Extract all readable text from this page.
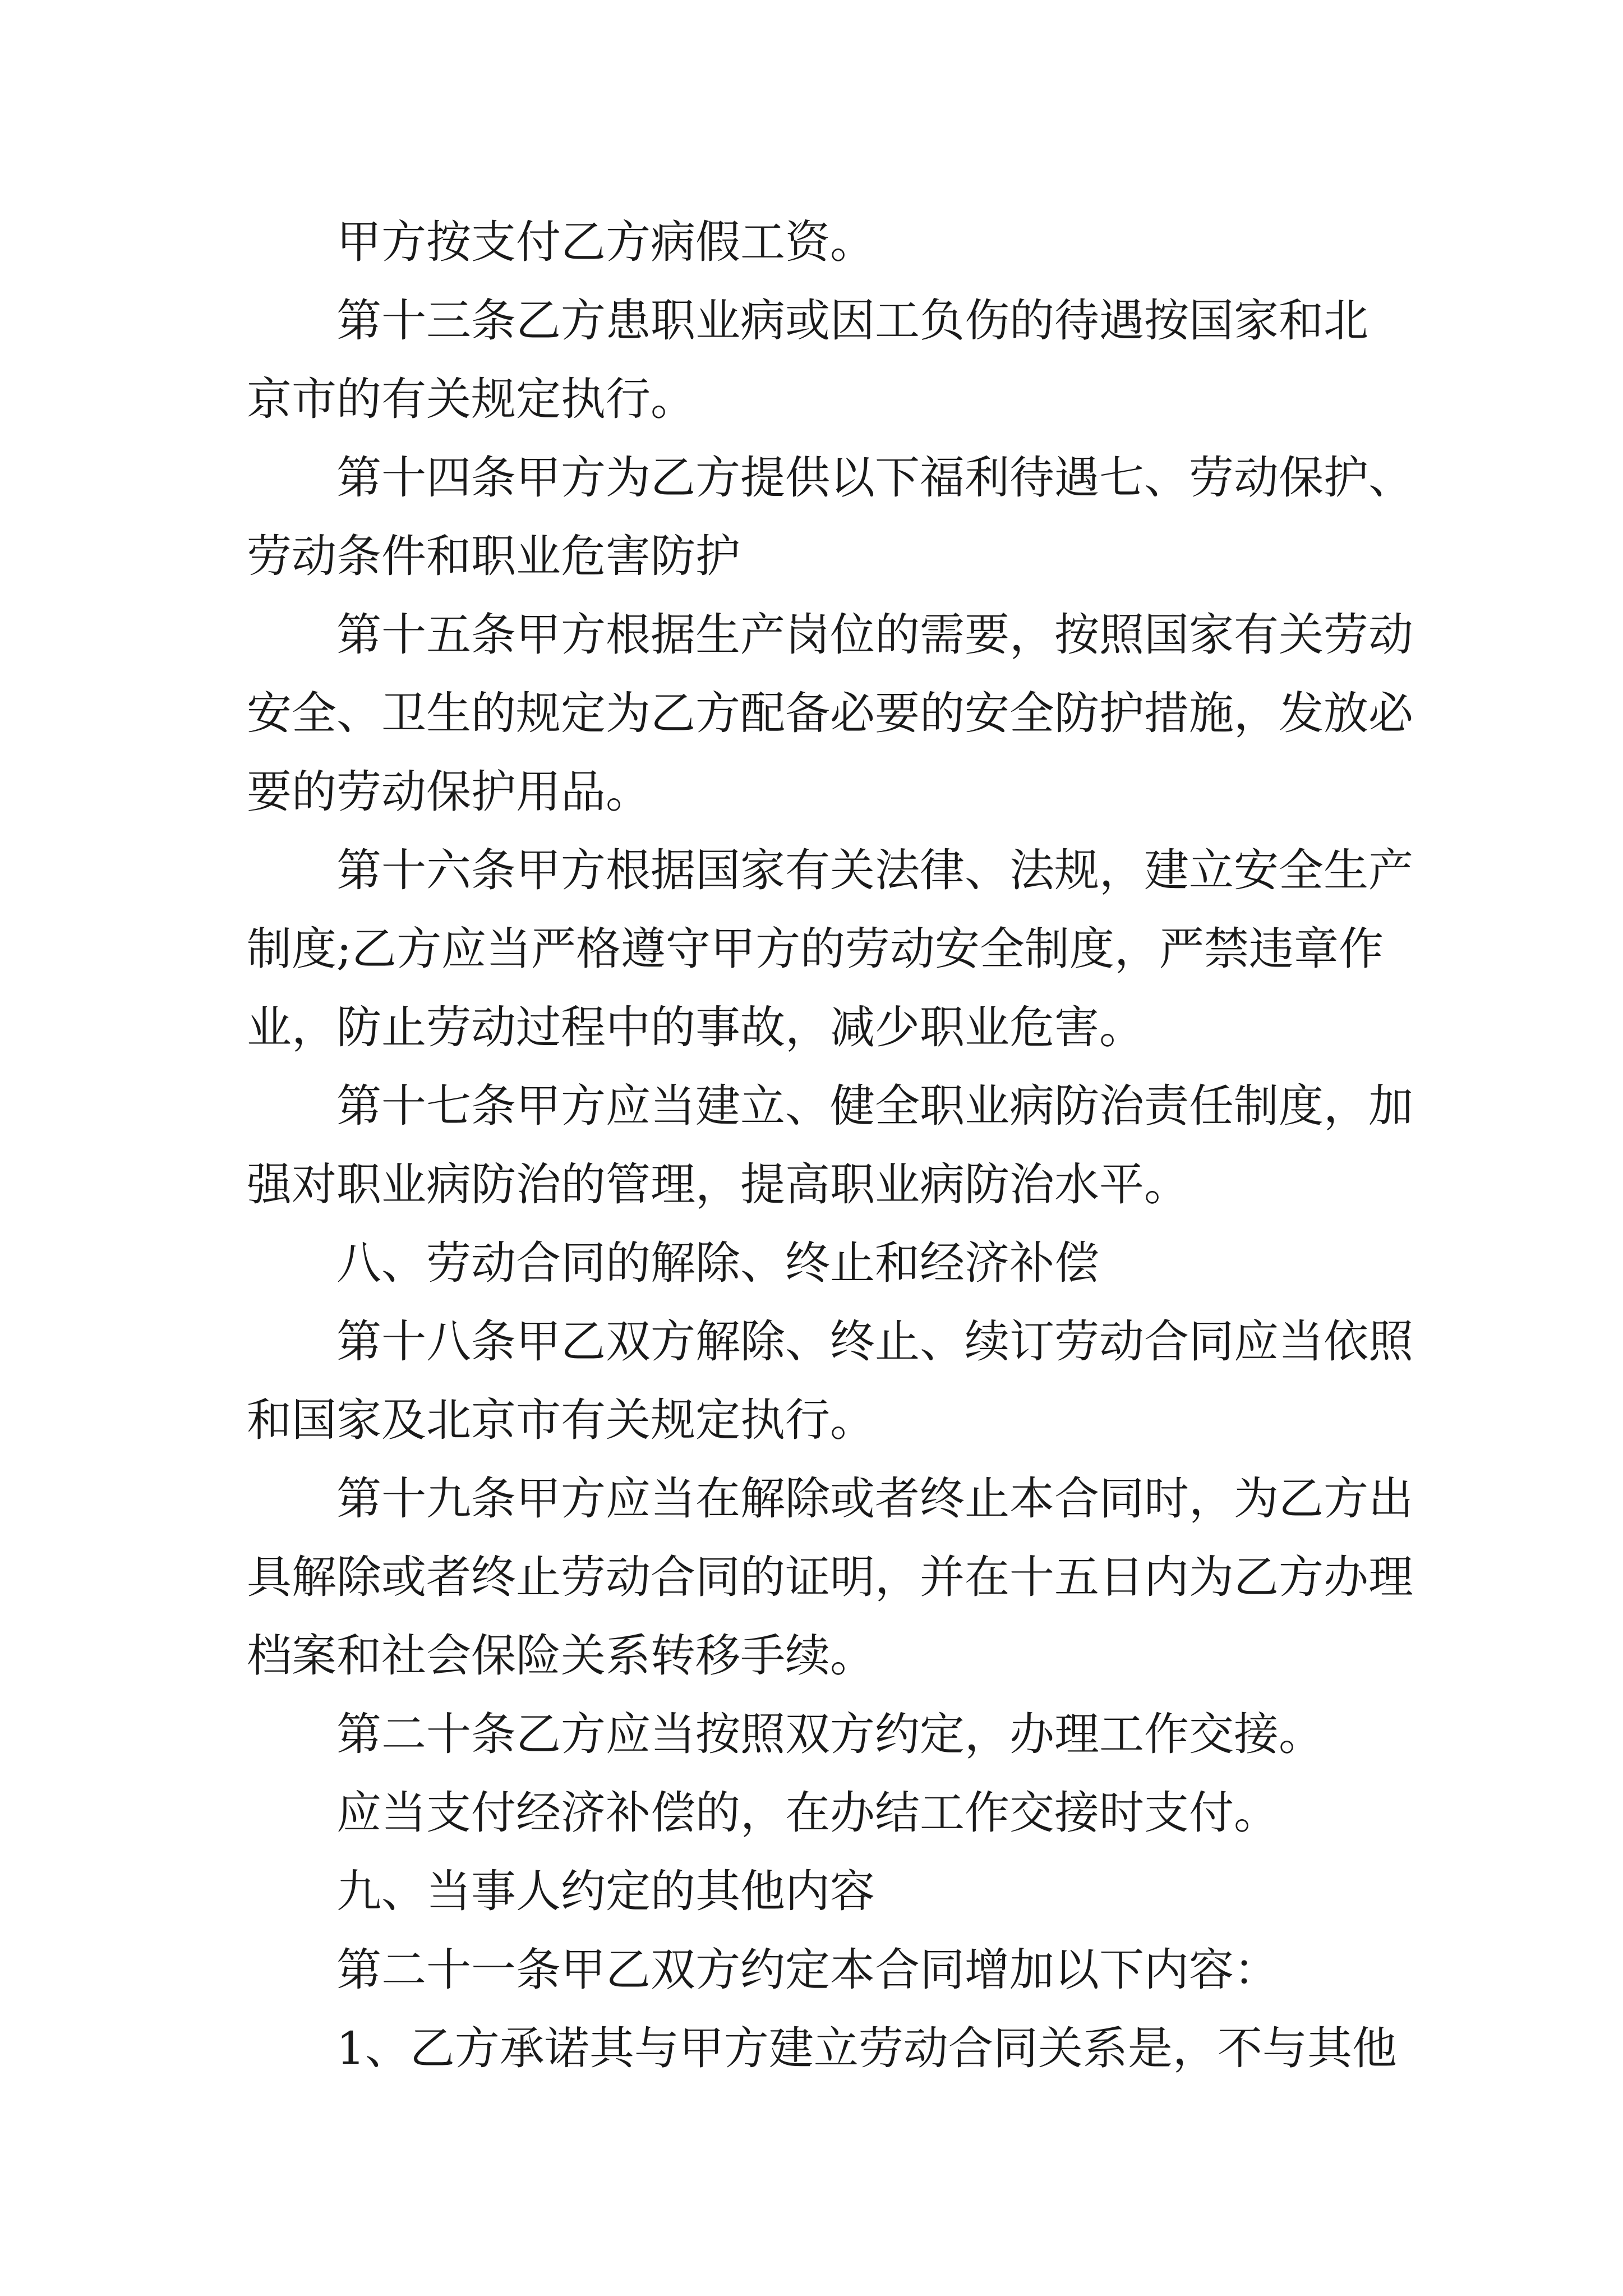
甲方按支付乙方病假工资。

第十三条乙方患职业病或因工负伤的待遇按国家和北

京市的有关规定执行。

第十四条甲方为乙方提供以下福利待遇七、劳动保护、

劳动条件和职业危害防护

第十五条甲方根据生产岗位的需要，按照国家有关劳动

安全、卫生的规定为乙方配备必要的安全防护措施，发放必

要的劳动保护用品。

第十六条甲方根据国家有关法律、法规，建立安全生产

制度;乙方应当严格遵守甲方的劳动安全制度，严禁违章作

业，防止劳动过程中的事故，减少职业危害。

第十七条甲方应当建立、健全职业病防治责任制度，加

强对职业病防治的管理，提高职业病防治水平。

八、劳动合同的解除、终止和经济补偿

第十八条甲乙双方解除、终止、续订劳动合同应当依照

和国家及北京市有关规定执行。

第十九条甲方应当在解除或者终止本合同时，为乙方出

具解除或者终止劳动合同的证明，并在十五日内为乙方办理

档案和社会保险关系转移手续。

第二十条乙方应当按照双方约定，办理工作交接。

应当支付经济补偿的，在办结工作交接时支付。

九、当事人约定的其他内容

第二十一条甲乙双方约定本合同增加以下内容：

1、乙方承诺其与甲方建立劳动合同关系是，不与其他
